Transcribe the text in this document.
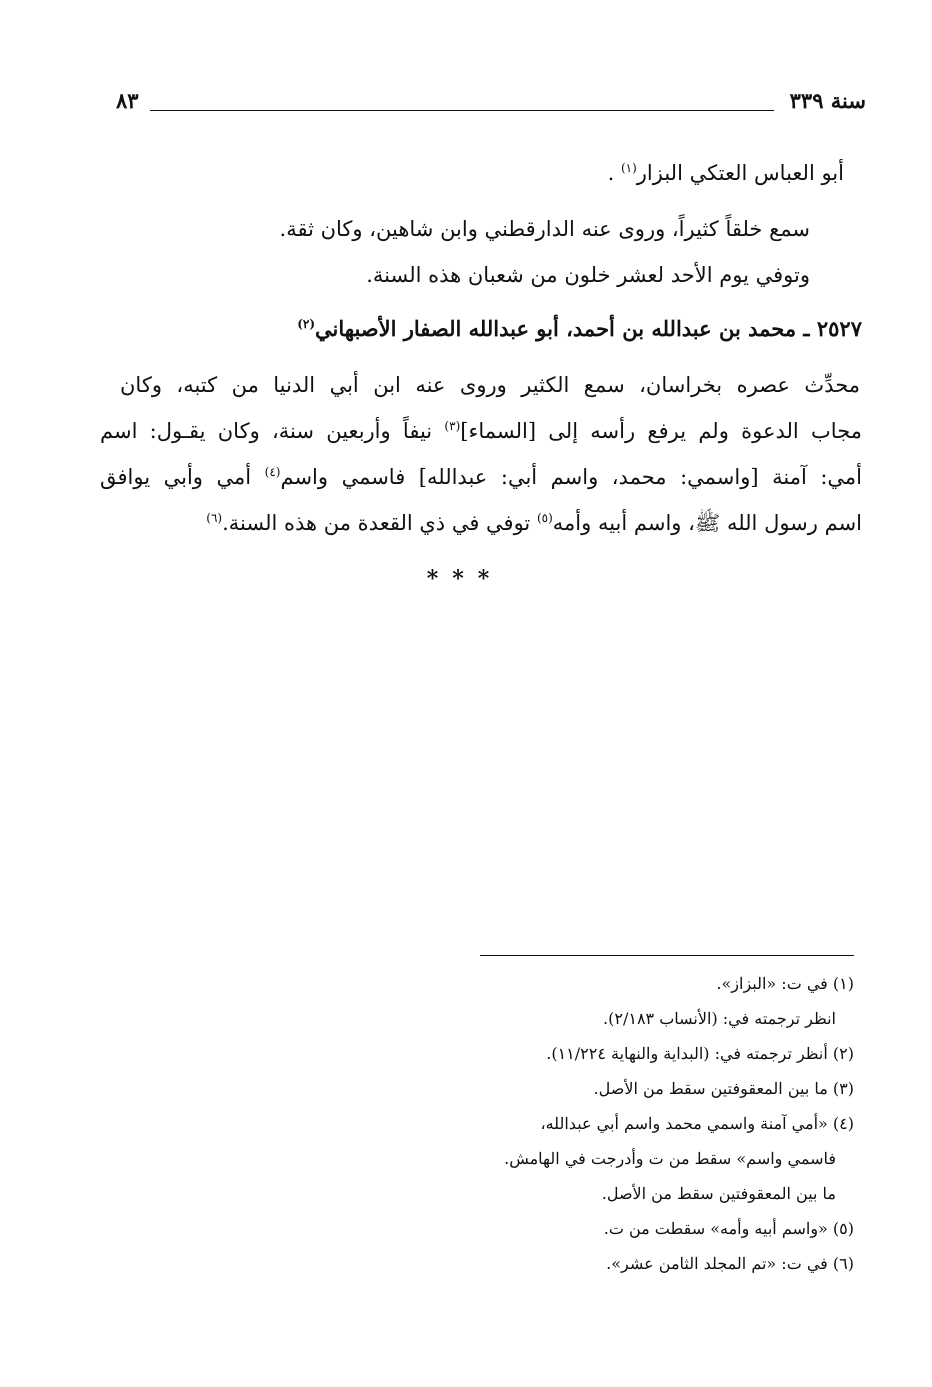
سنة ٣٣٩
٨٣
أبو العباس العتكي البزار$^{(١)}$ .
سمع خلقاً كثيراً، وروى عنه الدارقطني وابن شاهين، وكان ثقة.
وتوفي يوم الأحد لعشر خلون من شعبان هذه السنة.
٢٥٢٧ ـ محمد بن عبدالله بن أحمد، أبو عبدالله الصفار الأصبهاني$^{(٢)}$
محدِّث عصره بخراسان، سمع الكثير وروى عنه ابن أبي الدنيا من كتبه، وكان
مجاب الدعوة ولم يرفع رأسه إلى [السماء]$^{(٣)}$ نيفاً وأربعين سنة، وكان يقـول: اسم
أمي: آمنة [واسمي: محمد، واسم أبي: عبدالله] فاسمي واسم$^{(٤)}$ أمي وأبي يوافق
اسم رسول الله ﷺ، واسم أبيه وأمه$^{(٥)}$ توفي في ذي القعدة من هذه السنة.$^{(٦)}$
***
(١) في ت: «البزاز».
انظر ترجمته في: (الأنساب ٢/١٨٣).
(٢) أنظر ترجمته في: (البداية والنهاية ١١/٢٢٤).
(٣) ما بين المعقوفتين سقط من الأصل.
(٤) «أمي آمنة واسمي محمد واسم أبي عبدالله،
فاسمي واسم» سقط من ت وأدرجت في الهامش.
ما بين المعقوفتين سقط من الأصل.
(٥) «واسم أبيه وأمه» سقطت من ت.
(٦) في ت: «تم المجلد الثامن عشر».
